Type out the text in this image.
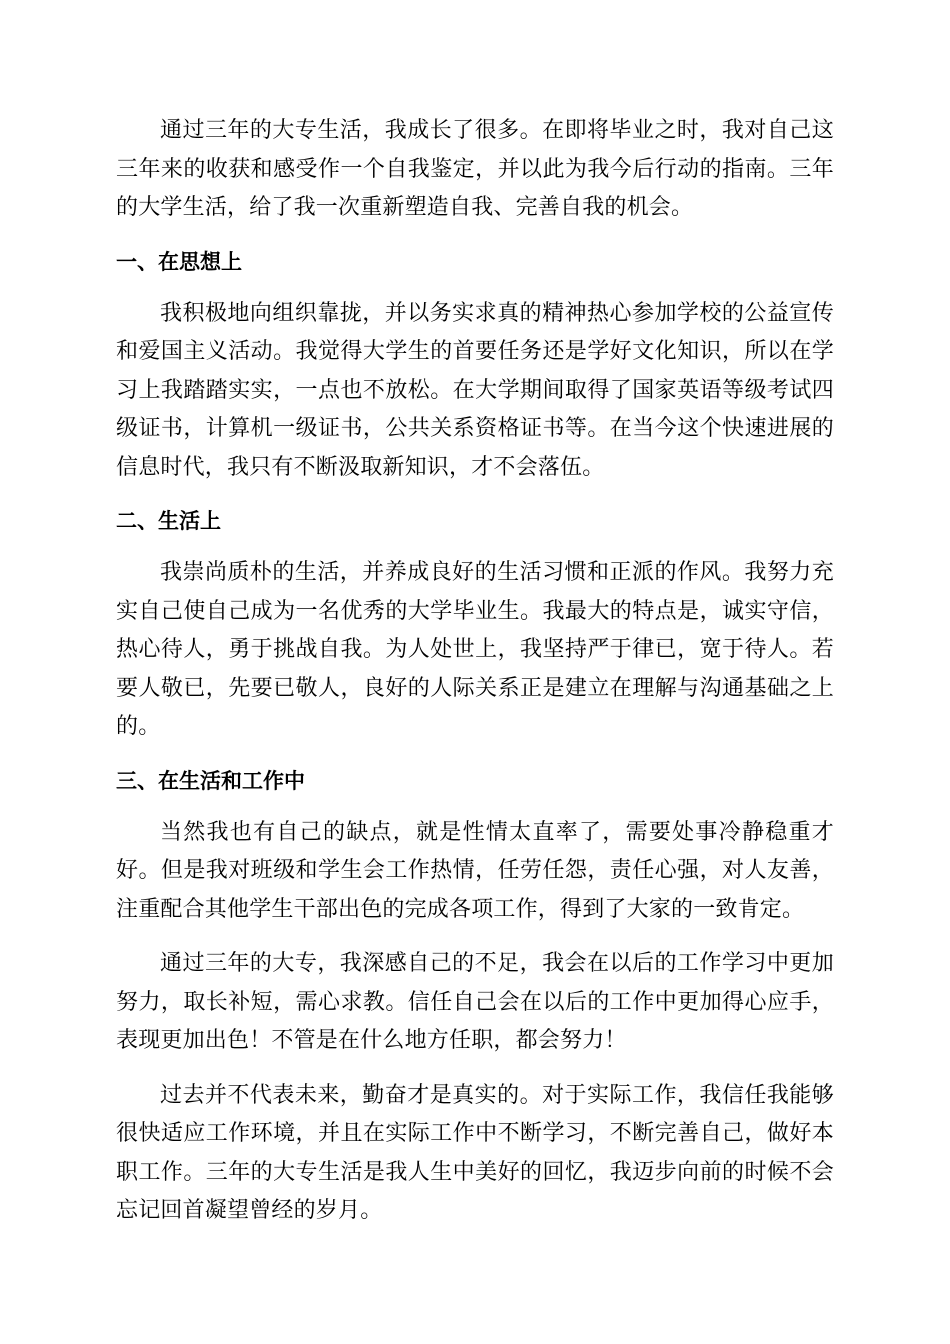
通过三年的大专生活，我成长了很多。在即将毕业之时，我对自己这三年来的收获和感受作一个自我鉴定，并以此为我今后行动的指南。三年的大学生活，给了我一次重新塑造自我、完善自我的机会。

一、在思想上

我积极地向组织靠拢，并以务实求真的精神热心参加学校的公益宣传和爱国主义活动。我觉得大学生的首要任务还是学好文化知识，所以在学习上我踏踏实实，一点也不放松。在大学期间取得了国家英语等级考试四级证书，计算机一级证书，公共关系资格证书等。在当今这个快速进展的信息时代，我只有不断汲取新知识，才不会落伍。

二、生活上

我崇尚质朴的生活，并养成良好的生活习惯和正派的作风。我努力充实自己使自己成为一名优秀的大学毕业生。我最大的特点是，诚实守信，热心待人，勇于挑战自我。为人处世上，我坚持严于律已，宽于待人。若要人敬已，先要已敬人，良好的人际关系正是建立在理解与沟通基础之上的。

三、在生活和工作中

当然我也有自己的缺点，就是性情太直率了，需要处事冷静稳重才好。但是我对班级和学生会工作热情，任劳任怨，责任心强，对人友善，注重配合其他学生干部出色的完成各项工作，得到了大家的一致肯定。

通过三年的大专，我深感自己的不足，我会在以后的工作学习中更加努力，取长补短，需心求教。信任自己会在以后的工作中更加得心应手，表现更加出色！不管是在什么地方任职，都会努力！

过去并不代表未来，勤奋才是真实的。对于实际工作，我信任我能够很快适应工作环境，并且在实际工作中不断学习，不断完善自己，做好本职工作。三年的大专生活是我人生中美好的回忆，我迈步向前的时候不会忘记回首凝望曾经的岁月。
